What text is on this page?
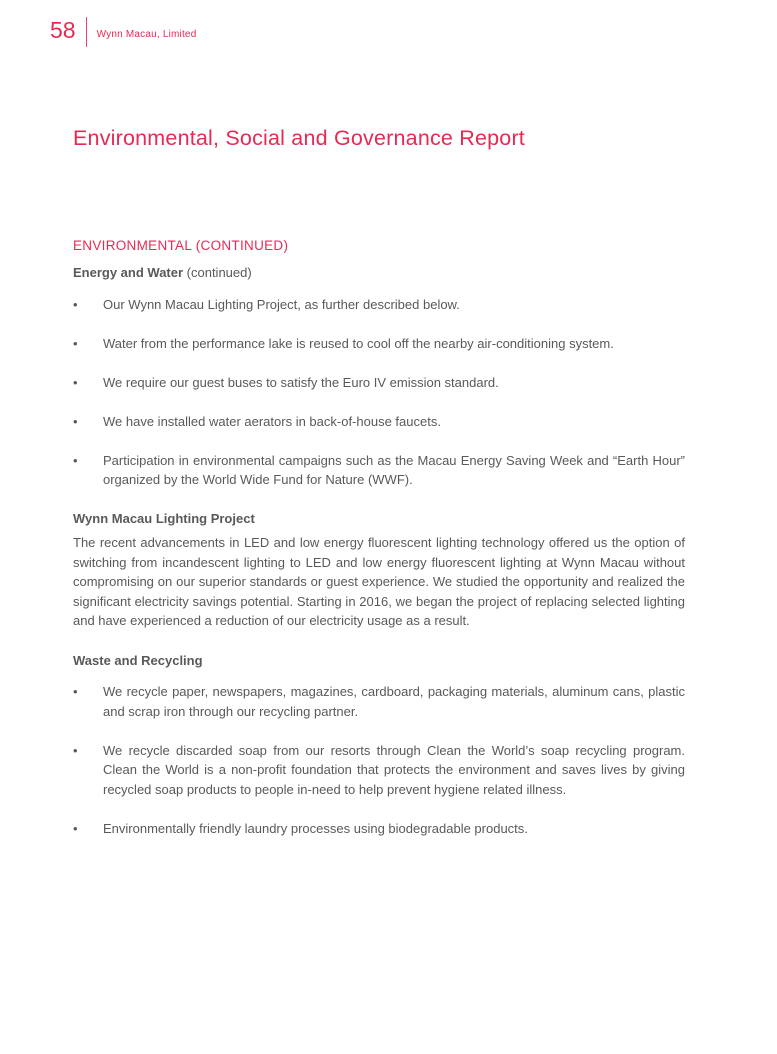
58 Wynn Macau, Limited
Environmental, Social and Governance Report
ENVIRONMENTAL (CONTINUED)
Energy and Water (continued)
•	Our Wynn Macau Lighting Project, as further described below.
•	Water from the performance lake is reused to cool off the nearby air-conditioning system.
•	We require our guest buses to satisfy the Euro IV emission standard.
•	We have installed water aerators in back-of-house faucets.
•	Participation in environmental campaigns such as the Macau Energy Saving Week and “Earth Hour” organized by the World Wide Fund for Nature (WWF).
Wynn Macau Lighting Project
The recent advancements in LED and low energy fluorescent lighting technology offered us the option of switching from incandescent lighting to LED and low energy fluorescent lighting at Wynn Macau without compromising on our superior standards or guest experience. We studied the opportunity and realized the significant electricity savings potential. Starting in 2016, we began the project of replacing selected lighting and have experienced a reduction of our electricity usage as a result.
Waste and Recycling
•	We recycle paper, newspapers, magazines, cardboard, packaging materials, aluminum cans, plastic and scrap iron through our recycling partner.
•	We recycle discarded soap from our resorts through Clean the World’s soap recycling program. Clean the World is a non-profit foundation that protects the environment and saves lives by giving recycled soap products to people in-need to help prevent hygiene related illness.
•	Environmentally friendly laundry processes using biodegradable products.
